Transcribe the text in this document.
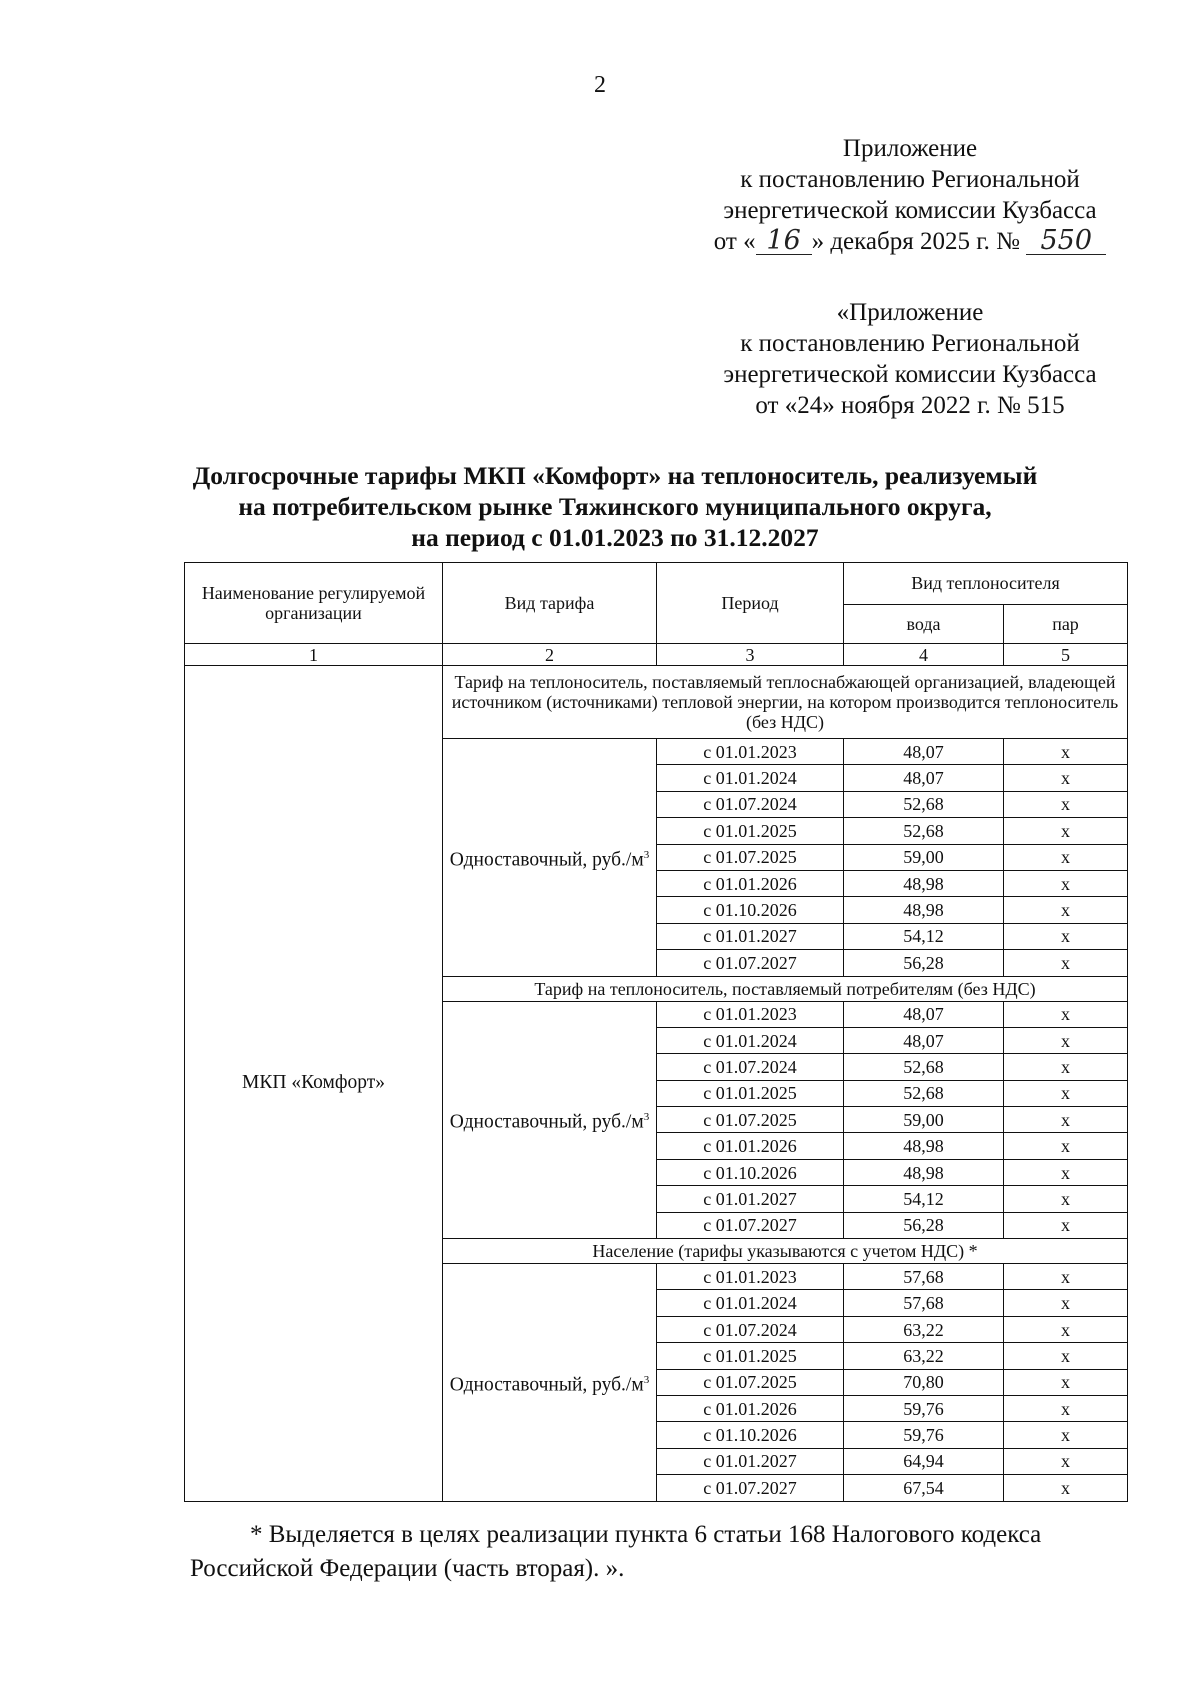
2
Приложение
к постановлению Региональной
энергетической комиссии Кузбасса
от « 16 » декабря 2025 г. № 550
«Приложение
к постановлению Региональной
энергетической комиссии Кузбасса
от «24» ноября 2022 г. № 515
Долгосрочные тарифы МКП «Комфорт» на теплоноситель, реализуемый
на потребительском рынке Тяжинского муниципального округа,
на период с 01.01.2023 по 31.12.2027
Наименование регулируемой организации	Вид тарифа	Период	Вид теплоносителя	
			вода	пар
1	2	3	4	5
МКП «Комфорт»	Тариф на теплоноситель, поставляемый теплоснабжающей организацией, владеющей источником (источниками) тепловой энергии, на котором производится теплоноситель (без НДС)			
	Одноставочный, $руб./м^3$	с 01.01.2023	48,07	х
		с 01.01.2024	48,07	х
		с 01.07.2024	52,68	х
		с 01.01.2025	52,68	х
		с 01.07.2025	59,00	х
		с 01.01.2026	48,98	х
		с 01.10.2026	48,98	х
		с 01.01.2027	54,12	х
		с 01.07.2027	56,28	х
	Тариф на теплоноситель, поставляемый потребителям (без НДС)			
	Одноставочный, $руб./м^3$	с 01.01.2023	48,07	х
		с 01.01.2024	48,07	х
		с 01.07.2024	52,68	х
		с 01.01.2025	52,68	х
		с 01.07.2025	59,00	х
		с 01.01.2026	48,98	х
		с 01.10.2026	48,98	х
		с 01.01.2027	54,12	х
		с 01.07.2027	56,28	х
	Население (тарифы указываются с учетом НДС) *			
	Одноставочный, $руб./м^3$	с 01.01.2023	57,68	х
		с 01.01.2024	57,68	х
		с 01.07.2024	63,22	х
		с 01.01.2025	63,22	х
		с 01.07.2025	70,80	х
		с 01.01.2026	59,76	х
		с 01.10.2026	59,76	х
		с 01.01.2027	64,94	х
		с 01.07.2027	67,54	х
* Выделяется в целях реализации пункта 6 статьи 168 Налогового кодекса
Российской Федерации (часть вторая). ».
